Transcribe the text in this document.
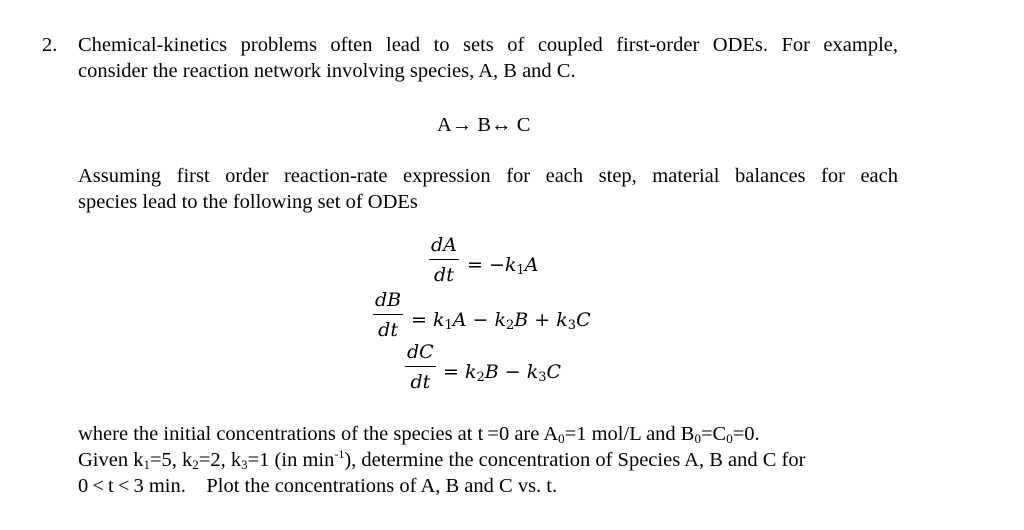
2. Chemical-kinetics problems often lead to sets of coupled first-order ODEs. For example,
consider the reaction network involving species, A, B and C.
A→ B↔ C
Assuming first order reaction-rate expression for each step, material balances for each
species lead to the following set of ODEs
dA
dt = $-k_1A$
dB
dt = $k_1A - k_2B + k_3C$
dC
dt = $k_2B - k_3C$
where the initial concentrations of the species at t =0 are $A_0=1$ mol/L and $B_0=C_0=0$.
Given $k_1=5$, $k_2=2$, $k_3=1$ (in $\min^{-1}$), determine the concentration of Species A, B and C for
0 < t < 3 min. Plot the concentrations of A, B and C vs. t.
